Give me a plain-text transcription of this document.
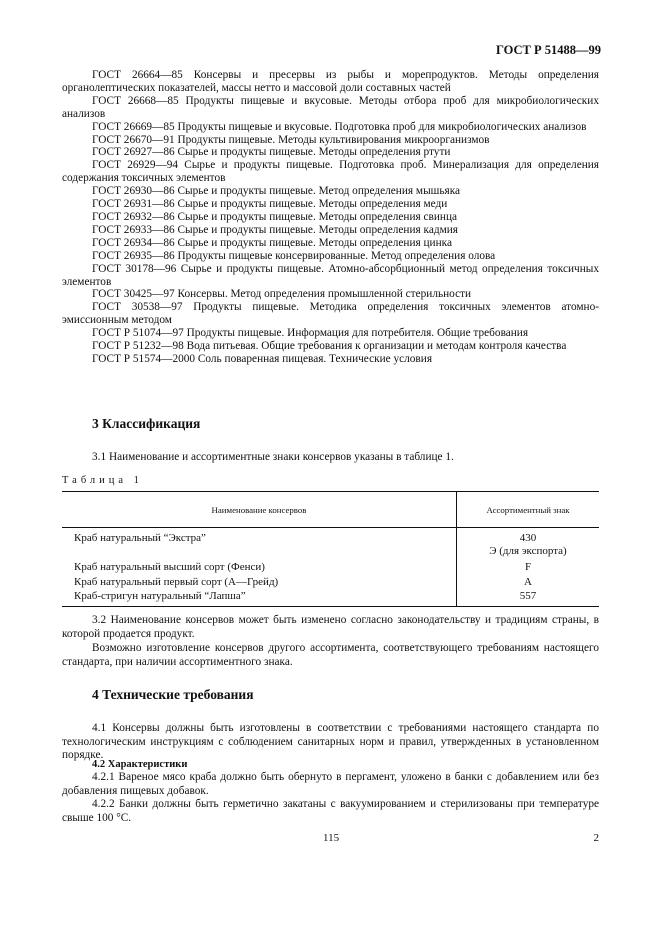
ГОСТ Р 51488—99

ГОСТ 26664—85 Консервы и пресервы из рыбы и морепродуктов. Методы определения органолептических показателей, массы нетто и массовой доли составных частей

ГОСТ 26668—85 Продукты пищевые и вкусовые. Методы отбора проб для микробиологических анализов

ГОСТ 26669—85 Продукты пищевые и вкусовые. Подготовка проб для микробиологических анализов

ГОСТ 26670—91 Продукты пищевые. Методы культивирования микроорганизмов

ГОСТ 26927—86 Сырье и продукты пищевые. Методы определения ртути

ГОСТ 26929—94 Сырье и продукты пищевые. Подготовка проб. Минерализация для определения содержания токсичных элементов

ГОСТ 26930—86 Сырье и продукты пищевые. Метод определения мышьяка

ГОСТ 26931—86 Сырье и продукты пищевые. Методы определения меди

ГОСТ 26932—86 Сырье и продукты пищевые. Методы определения свинца

ГОСТ 26933—86 Сырье и продукты пищевые. Методы определения кадмия

ГОСТ 26934—86 Сырье и продукты пищевые. Методы определения цинка

ГОСТ 26935—86 Продукты пищевые консервированные. Метод определения олова

ГОСТ 30178—96 Сырье и продукты пищевые. Атомно-абсорбционный метод определения токсичных элементов

ГОСТ 30425—97 Консервы. Метод определения промышленной стерильности

ГОСТ 30538—97 Продукты пищевые. Методика определения токсичных элементов атомно-эмиссионным методом

ГОСТ Р 51074—97 Продукты пищевые. Информация для потребителя. Общие требования

ГОСТ Р 51232—98 Вода питьевая. Общие требования к организации и методам контроля качества

ГОСТ Р 51574—2000 Соль поваренная пищевая. Технические условия

3 Классификация

3.1 Наименование и ассортиментные знаки консервов указаны в таблице 1.

Таблица 1

Наименование консервов	Ассортиментный знак
Краб натуральный “Экстра”	430
Э (для экспорта)

Краб натуральный высший сорт (Фенси)	F
Краб натуральный первый сорт (А—Грейд)	А
Краб-стригун натуральный “Лапша”	557

3.2 Наименование консервов может быть изменено согласно законодательству и традициям страны, в которой продается продукт.

Возможно изготовление консервов другого ассортимента, соответствующего требованиям настоящего стандарта, при наличии ассортиментного знака.

4 Технические требования

4.1 Консервы должны быть изготовлены в соответствии с требованиями настоящего стандарта по технологическим инструкциям с соблюдением санитарных норм и правил, утвержденных в установленном порядке.

4.2 Характеристики

4.2.1 Вареное мясо краба должно быть обернуто в пергамент, уложено в банки с добавлением или без добавления пищевых добавок.

4.2.2 Банки должны быть герметично закатаны с вакуумированием и стерилизованы при температуре свыше 100 °С.

115	2
